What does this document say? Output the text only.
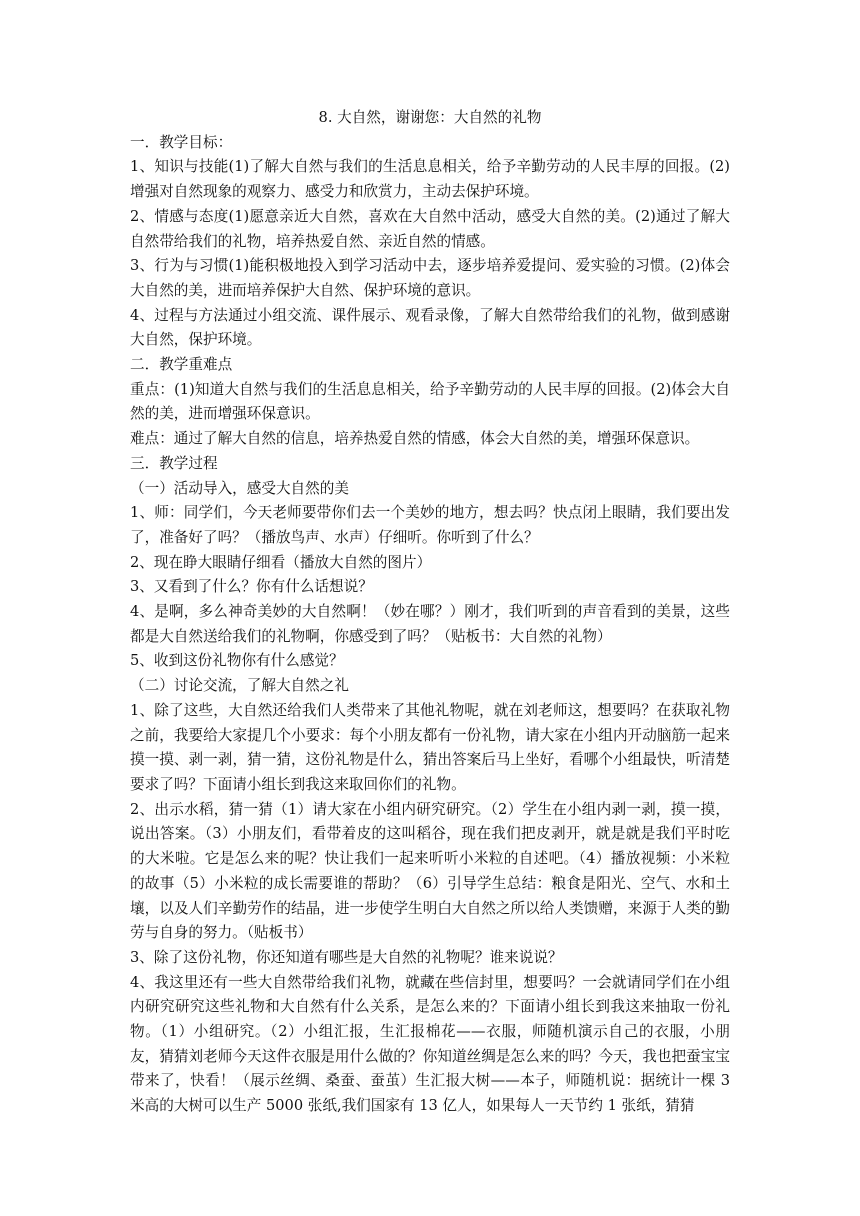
8. 大自然，谢谢您：大自然的礼物

一．教学目标：

1、知识与技能(1)了解大自然与我们的生活息息相关，给予辛勤劳动的人民丰厚的回报。(2)增强对自然现象的观察力、感受力和欣赏力，主动去保护环境。

2、情感与态度(1)愿意亲近大自然，喜欢在大自然中活动，感受大自然的美。(2)通过了解大自然带给我们的礼物，培养热爱自然、亲近自然的情感。

3、行为与习惯(1)能积极地投入到学习活动中去，逐步培养爱提问、爱实验的习惯。(2)体会大自然的美，进而培养保护大自然、保护环境的意识。

4、过程与方法通过小组交流、课件展示、观看录像，了解大自然带给我们的礼物，做到感谢大自然，保护环境。

二．教学重难点

重点：(1)知道大自然与我们的生活息息相关，给予辛勤劳动的人民丰厚的回报。(2)体会大自然的美，进而增强环保意识。

难点：通过了解大自然的信息，培养热爱自然的情感，体会大自然的美，增强环保意识。

三．教学过程

（一）活动导入，感受大自然的美

1、师：同学们，今天老师要带你们去一个美妙的地方，想去吗？快点闭上眼睛，我们要出发了，准备好了吗？（播放鸟声、水声）仔细听。你听到了什么？

2、现在睁大眼睛仔细看（播放大自然的图片）

3、又看到了什么？你有什么话想说？

4、是啊，多么神奇美妙的大自然啊！（妙在哪？）刚才，我们听到的声音看到的美景，这些都是大自然送给我们的礼物啊，你感受到了吗？（贴板书：大自然的礼物）

5、收到这份礼物你有什么感觉？

（二）讨论交流，了解大自然之礼

1、除了这些，大自然还给我们人类带来了其他礼物呢，就在刘老师这，想要吗？在获取礼物之前，我要给大家提几个小要求：每个小朋友都有一份礼物，请大家在小组内开动脑筋一起来摸一摸、剥一剥，猜一猜，这份礼物是什么，猜出答案后马上坐好，看哪个小组最快，听清楚要求了吗？下面请小组长到我这来取回你们的礼物。

2、出示水稻，猜一猜（1）请大家在小组内研究研究。（2）学生在小组内剥一剥，摸一摸，说出答案。（3）小朋友们，看带着皮的这叫稻谷，现在我们把皮剥开，就是就是我们平时吃的大米啦。它是怎么来的呢？快让我们一起来听听小米粒的自述吧。（4）播放视频：小米粒的故事（5）小米粒的成长需要谁的帮助？（6）引导学生总结：粮食是阳光、空气、水和土壤，以及人们辛勤劳作的结晶，进一步使学生明白大自然之所以给人类馈赠，来源于人类的勤劳与自身的努力。（贴板书）

3、除了这份礼物，你还知道有哪些是大自然的礼物呢？谁来说说？

4、我这里还有一些大自然带给我们礼物，就藏在些信封里，想要吗？一会就请同学们在小组内研究研究这些礼物和大自然有什么关系，是怎么来的？下面请小组长到我这来抽取一份礼物。（1）小组研究。（2）小组汇报，生汇报棉花——衣服，师随机演示自己的衣服，小朋友，猜猜刘老师今天这件衣服是用什么做的？你知道丝绸是怎么来的吗？今天，我也把蚕宝宝带来了，快看！（展示丝绸、桑蚕、蚕茧）生汇报大树——本子，师随机说：据统计一棵 3 米高的大树可以生产 5000 张纸,我们国家有 13 亿人，如果每人一天节约 1 张纸，猜猜
